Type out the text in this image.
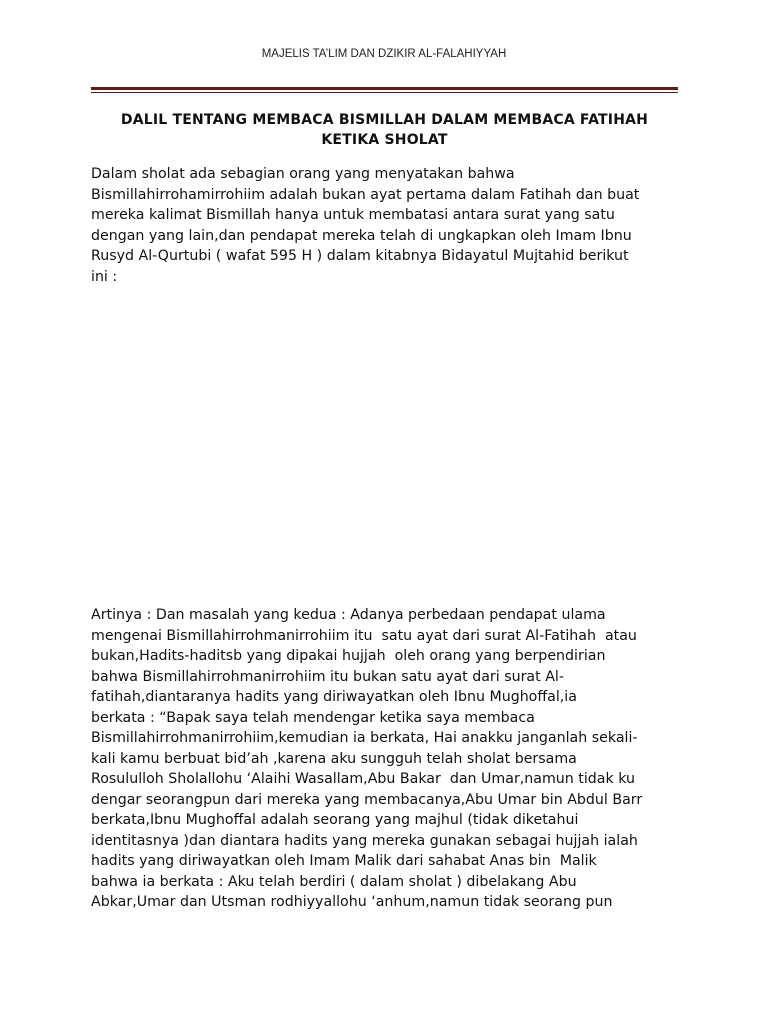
MAJELIS TA’LIM DAN DZIKIR AL-FALAHIYYAH
DALIL TENTANG MEMBACA BISMILLAH DALAM MEMBACA FATIHAH
KETIKA SHOLAT
Dalam sholat ada sebagian orang yang menyatakan bahwa
Bismillahirrohamirrohiim adalah bukan ayat pertama dalam Fatihah dan buat
mereka kalimat Bismillah hanya untuk membatasi antara surat yang satu
dengan yang lain,dan pendapat mereka telah di ungkapkan oleh Imam Ibnu
Rusyd Al-Qurtubi ( wafat 595 H ) dalam kitabnya Bidayatul Mujtahid berikut
ini :
Artinya : Dan masalah yang kedua : Adanya perbedaan pendapat ulama
mengenai Bismillahirrohmanirrohiim itu  satu ayat dari surat Al-Fatihah  atau
bukan,Hadits-haditsb yang dipakai hujjah  oleh orang yang berpendirian
bahwa Bismillahirrohmanirrohiim itu bukan satu ayat dari surat Al-
fatihah,diantaranya hadits yang diriwayatkan oleh Ibnu Mughoffal,ia
berkata : “Bapak saya telah mendengar ketika saya membaca
Bismillahirrohmanirrohiim,kemudian ia berkata, Hai anakku janganlah sekali-
kali kamu berbuat bid’ah ,karena aku sungguh telah sholat bersama
Rosululloh Sholallohu ‘Alaihi Wasallam,Abu Bakar  dan Umar,namun tidak ku
dengar seorangpun dari mereka yang membacanya,Abu Umar bin Abdul Barr
berkata,Ibnu Mughoffal adalah seorang yang majhul (tidak diketahui
identitasnya )dan diantara hadits yang mereka gunakan sebagai hujjah ialah
hadits yang diriwayatkan oleh Imam Malik dari sahabat Anas bin  Malik
bahwa ia berkata : Aku telah berdiri ( dalam sholat ) dibelakang Abu
Abkar,Umar dan Utsman rodhiyyallohu ‘anhum,namun tidak seorang pun
